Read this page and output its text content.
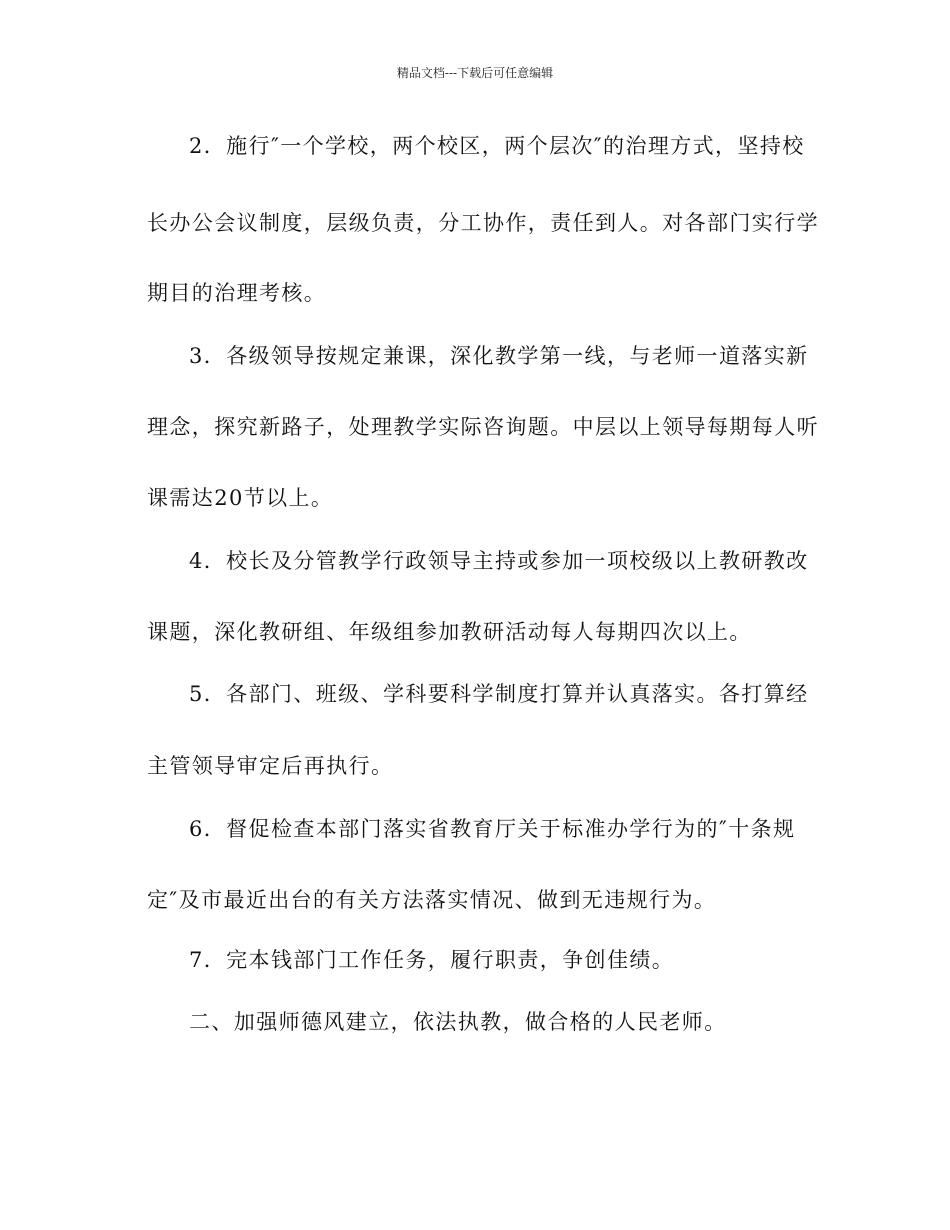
精品文档---下载后可任意编辑
2．施行″一个学校，两个校区，两个层次″的治理方式，坚持校
长办公会议制度，层级负责，分工协作，责任到人。对各部门实行学
期目的治理考核。
3．各级领导按规定兼课，深化教学第一线，与老师一道落实新
理念，探究新路子，处理教学实际咨询题。中层以上领导每期每人听
课需达20节以上。
4．校长及分管教学行政领导主持或参加一项校级以上教研教改
课题，深化教研组、年级组参加教研活动每人每期四次以上。
5．各部门、班级、学科要科学制度打算并认真落实。各打算经
主管领导审定后再执行。
6．督促检查本部门落实省教育厅关于标准办学行为的″十条规
定″及市最近出台的有关方法落实情况、做到无违规行为。
7．完本钱部门工作任务，履行职责，争创佳绩。
二、加强师德风建立，依法执教，做合格的人民老师。
